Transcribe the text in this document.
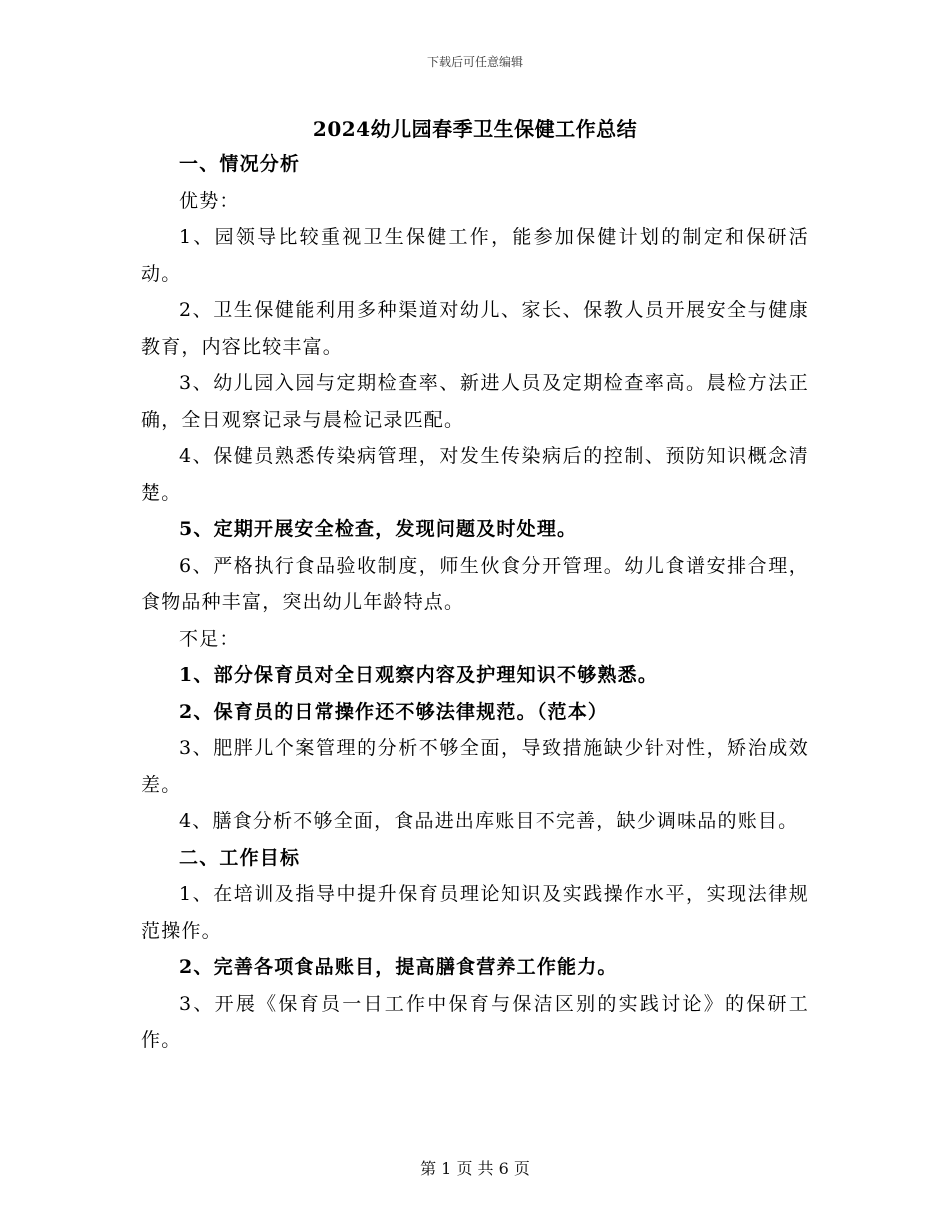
下载后可任意编辑
2024幼儿园春季卫生保健工作总结

一、情况分析

优势：

1、园领导比较重视卫生保健工作，能参加保健计划的制定和保研活动。

2、卫生保健能利用多种渠道对幼儿、家长、保教人员开展安全与健康教育，内容比较丰富。

3、幼儿园入园与定期检查率、新进人员及定期检查率高。晨检方法正确，全日观察记录与晨检记录匹配。

4、保健员熟悉传染病管理，对发生传染病后的控制、预防知识概念清楚。

5、定期开展安全检查，发现问题及时处理。

6、严格执行食品验收制度，师生伙食分开管理。幼儿食谱安排合理，食物品种丰富，突出幼儿年龄特点。

不足：

1、部分保育员对全日观察内容及护理知识不够熟悉。

2、保育员的日常操作还不够法律规范。（范本）

3、肥胖儿个案管理的分析不够全面，导致措施缺少针对性，矫治成效差。

4、膳食分析不够全面，食品进出库账目不完善，缺少调味品的账目。

二、工作目标

1、在培训及指导中提升保育员理论知识及实践操作水平，实现法律规范操作。

2、完善各项食品账目，提高膳食营养工作能力。

3、开展《保育员一日工作中保育与保洁区别的实践讨论》的保研工作。

第 1 页 共 6 页
